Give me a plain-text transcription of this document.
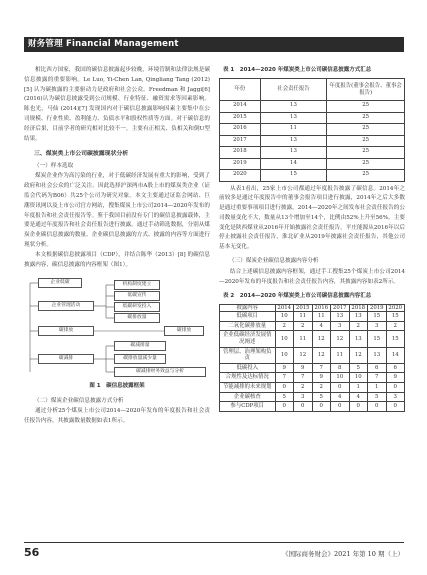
财务管理 Financial Management

相比西方国家，我国的碳信息披露起步较晚，环境管制和法律法规是碳信息披露的重要影响。Le Luo, Yi-Chen Lan, Qingliang Tang (2012)[5] 认为碳披露的主要驱动力是政府和社会公众。Freedman 和 Jaggi[6](2016)认为碳信息披露受到公司规模、行业特征、融资需求等因素影响。陈也光，马仙 (2014)[7] 发现国内对于碳信息披露影响因素主要集中在公司规模、行业性质、盈利能力、负债水平和股权性质等方面。对于碳信息的经济后果，目前学者的研究相对比较不一，主要有正相关、负相关和倒U型结果。

三、煤炭类上市公司碳披露现状分析
（一）样本选取

煤炭企业作为高污染的行业，对于低碳经济发展有重大的影响，受到了政府和社会公众的广泛关注。因此选择沪深两市A股上市的煤炭类企业（证监会代码为B06）共25个公司为研究对象。本文主要通过证监会网站、巨潮资讯网以及上市公司官方网站，搜集煤炭上市公司2014—2020年发布的年度报告和社会责任报告等。鉴于我国目前没有专门的碳信息披露载体，主要是通过年度报告和社会责任报告进行披露。通过手动筛选数据，分别从煤炭企业碳信息披露的数量、企业碳信息披露的方式、披露的内容等方面进行现状分析。

本文根据碳信息披露项目（CDP），并结合陈华（2013）[8] 的碳信息披露内容，碳信息披露的内容框架（图1）。

企业低碳
企业管理活动
碳排放
碳减排
机构制度建立
低碳宣传
低碳研发投入
碳排放量
碳排放
碳减排量
碳排放量减少量
碳减排财务效益与分析
图 1　碳信息披露框架
（二）煤炭企业碳信息披露方式分析

通过分析25个煤炭上市公司2014—2020年发布的年度报告和社会责任报告内容，其披露数量数据如表1所示。

表 1　2014—2020 年煤炭类上市公司碳信息披露方式汇总
年份	社会责任报告	年度报告(董事会报告、董事会报告)
2014	13	25
2015	13	25
2016	11	25
2017	13	25
2018	13	25
2019	14	25
2020	15	25

从表1看出，25家上市公司都通过年度报告披露了碳信息。2014年之前较多是通过年度报告中的董事会报告项目进行披露，2014年之后大多数是通过重要事项项目进行披露。2014—2020年之间发布社会责任报告的公司数量变化不大，数量从13个增加至14个，比例由52%上升至56%。主要变化是陕西煤业从2016年开始披露社会责任报告，平庄能源从2016年以后停止披露社会责任报告，淮北矿业从2019年披露社会责任报告，其他公司基本无变化。

（三）煤炭企业碳信息披露内容分析

结合上述碳信息披露内容框架，通过手工搜集25个煤炭上市公司2014—2020年发布的年度报告和社会责任报告内容，其披露内容如表2所示。

表 2　2014—2020 年煤炭类上市公司碳信息披露内容汇总
披露内容	2014	2015	2016	2017	2018	2019	2020
低碳项目	10	11	11	13	13	15	15
二氧化碳排放量	2	2	4	3	2	3	2
企业低碳经济发展情况阐述	10	11	12	12	13	15	15
管理层、治理架构负责	10	12	12	11	12	13	14
低碳投入	9	9	7	8	5	6	6
合规性及达标情况	7	7	9	10	10	7	9
节能减排的未来规划	0	2	2	0	1	1	0
企业碳核查	5	3	5	4	4	5	3
参与CDP项目	0	0	0	0	0	0	0
56	《国际商务财会》2021 年第 10 期（上）
